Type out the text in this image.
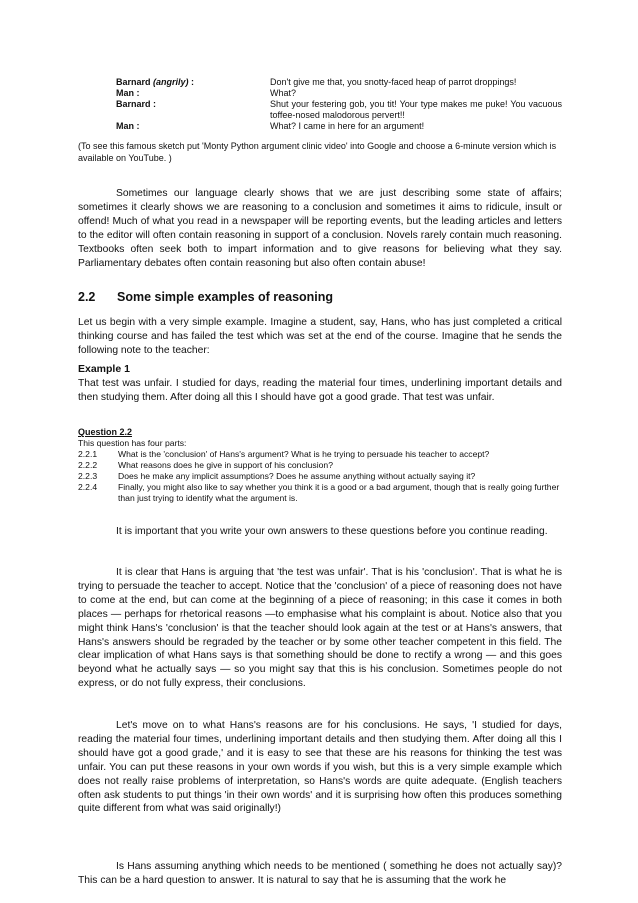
Barnard (angrily) :	Don't give me that, you snotty-faced heap of parrot droppings!
Man :	What?
Barnard :	Shut your festering gob, you tit! Your type makes me puke! You vacuous toffee-nosed malodorous pervert!!
Man :	What? I came in here for an argument!
(To see this famous sketch put 'Monty Python argument clinic video' into Google and choose a 6-minute version which is available on YouTube. )
Sometimes our language clearly shows that we are just describing some state of affairs; sometimes it clearly shows we are reasoning to a conclusion and sometimes it aims to ridicule, insult or offend! Much of what you read in a newspaper will be reporting events, but the leading articles and letters to the editor will often contain reasoning in support of a conclusion. Novels rarely contain much reasoning. Textbooks often seek both to impart information and to give reasons for believing what they say. Parliamentary debates often contain reasoning but also often contain abuse!
2.2 Some simple examples of reasoning
Let us begin with a very simple example. Imagine a student, say, Hans, who has just completed a critical thinking course and has failed the test which was set at the end of the course. Imagine that he sends the following note to the teacher:
Example 1
That test was unfair. I studied for days, reading the material four times, underlining important details and then studying them. After doing all this I should have got a good grade. That test was unfair.
Question 2.2
This question has four parts:
2.2.1	What is the 'conclusion' of Hans's argument? What is he trying to persuade his teacher to accept?
2.2.2	What reasons does he give in support of his conclusion?
2.2.3	Does he make any implicit assumptions? Does he assume anything without actually saying it?
2.2.4	Finally, you might also like to say whether you think it is a good or a bad argument, though that is really going further than just trying to identify what the argument is.
It is important that you write your own answers to these questions before you continue reading.
It is clear that Hans is arguing that 'the test was unfair'. That is his 'conclusion'. That is what he is trying to persuade the teacher to accept. Notice that the 'conclusion' of a piece of reasoning does not have to come at the end, but can come at the beginning of a piece of reasoning; in this case it comes in both places — perhaps for rhetorical reasons —to emphasise what his complaint is about. Notice also that you might think Hans's 'conclusion' is that the teacher should look again at the test or at Hans's answers, that Hans's answers should be regraded by the teacher or by some other teacher competent in this field. The clear implication of what Hans says is that something should be done to rectify a wrong — and this goes beyond what he actually says — so you might say that this is his conclusion. Sometimes people do not express, or do not fully express, their conclusions.
Let's move on to what Hans's reasons are for his conclusions. He says, 'I studied for days, reading the material four times, underlining important details and then studying them. After doing all this I should have got a good grade,' and it is easy to see that these are his reasons for thinking the test was unfair. You can put these reasons in your own words if you wish, but this is a very simple example which does not really raise problems of interpretation, so Hans's words are quite adequate. (English teachers often ask students to put things 'in their own words' and it is surprising how often this produces something quite different from what was said originally!)
Is Hans assuming anything which needs to be mentioned ( something he does not actually say)? This can be a hard question to answer. It is natural to say that he is assuming that the work he
